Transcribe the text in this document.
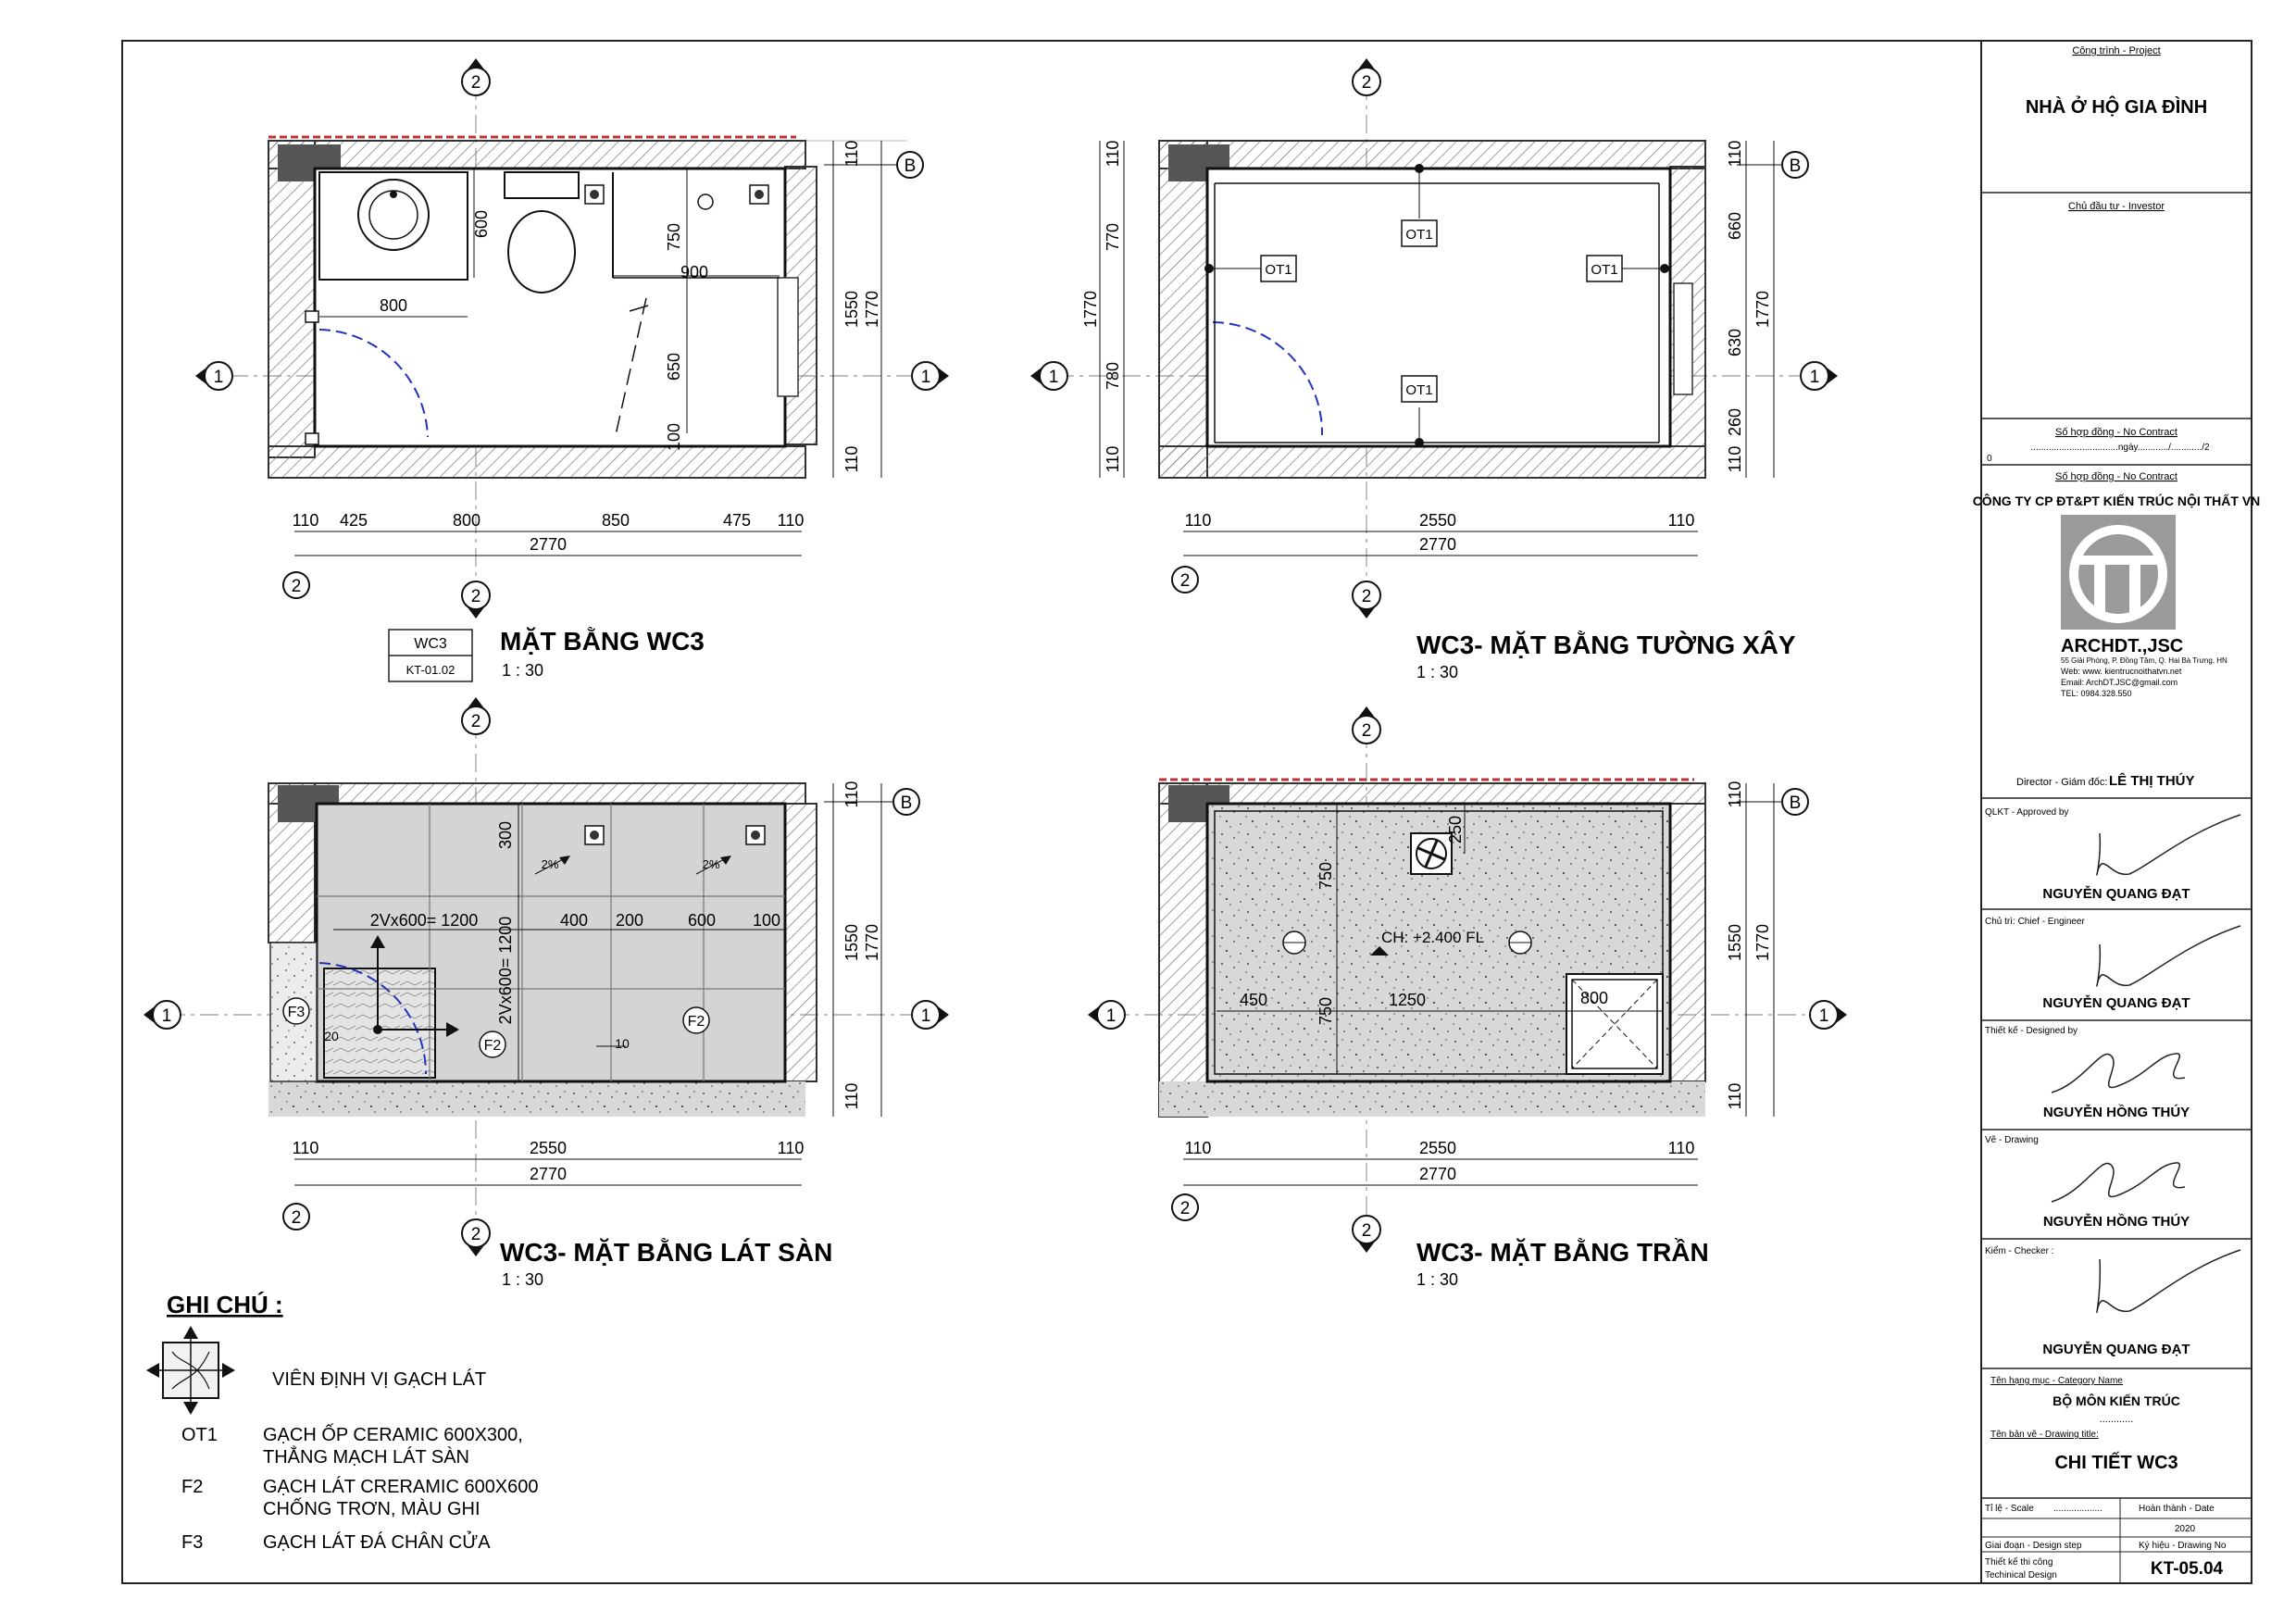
800
900
600	750
650
100
110
1550
110
1770
B
110 425	800	850	475 110
2770
2
2
2
1	1
WC3
KT-01.02
MẶT BẰNG WC3
1 : 30
OT1
OT1
OT1
OT1
1770
110
770
780
110
110
660
630
260
110
1770
B
110	2550	110
2770
2
2
2
1	1
WC3- MẶT BẰNG TƯỜNG XÂY
1 : 30
2%	2%
2Vx600= 1200	400 200	600 100
2Vx600= 1200
300
20	10
F3
F2
F2
110
1550
110
1770
B
110	2550	110
2770
2
2
2
1	1
WC3- MẶT BẰNG LÁT SÀN
1 : 30
250
750
450	1250
750	800
CH: +2.400 FL
110
1550
110
1770
B
110	2550	110
2770
2
2
2
1	1
WC3- MẶT BẰNG TRẦN
1 : 30
GHI CHÚ :
VIÊN ĐỊNH VỊ GẠCH LÁT
OT1 GẠCH ỐP CERAMIC 600X300,
THẲNG MẠCH LÁT SÀN
F2	GẠCH LÁT CRERAMIC 600X600
CHỐNG TRƠN, MÀU GHI
F3	GẠCH LÁT ĐÁ CHÂN CỬA
Công trình - Project
NHÀ Ở HỘ GIA ĐÌNH
Chủ đầu tư - Investor
Số hợp đồng - No Contract
..................................ngày............/............/2
0
Số hợp đồng - No Contract
CÔNG TY CP ĐT&PT KIẾN TRÚC NỘI THẤT VN
ARCHDT.,JSC
55 Giải Phóng, P. Đồng Tâm, Q. Hai Bà Trưng, HN
Web: www. kientrucnoithatvn.net
Email: ArchDT.JSC@gmail.com
TEL: 0984.328.550
Director - Giám đốc: LÊ THỊ THÚY
QLKT - Approved by
NGUYỄN QUANG ĐẠT
Chủ trì: Chief - Engineer
NGUYỄN QUANG ĐẠT
Thiết kế - Designed by
NGUYỄN HỒNG THÚY
Vẽ - Drawing
NGUYỄN HỒNG THÚY
Kiểm - Checker :
NGUYỄN QUANG ĐẠT
Tên hạng mục - Category Name
BỘ MÔN KIẾN TRÚC
............
Tên bản vẽ - Drawing title:
CHI TIẾT WC3
Tỉ lệ - Scale ...................	Hoàn thành - Date
2020
Giai đoạn - Design step	Ký hiệu - Drawing No
Thiết kế thi công
Techinical Design	KT-05.04
